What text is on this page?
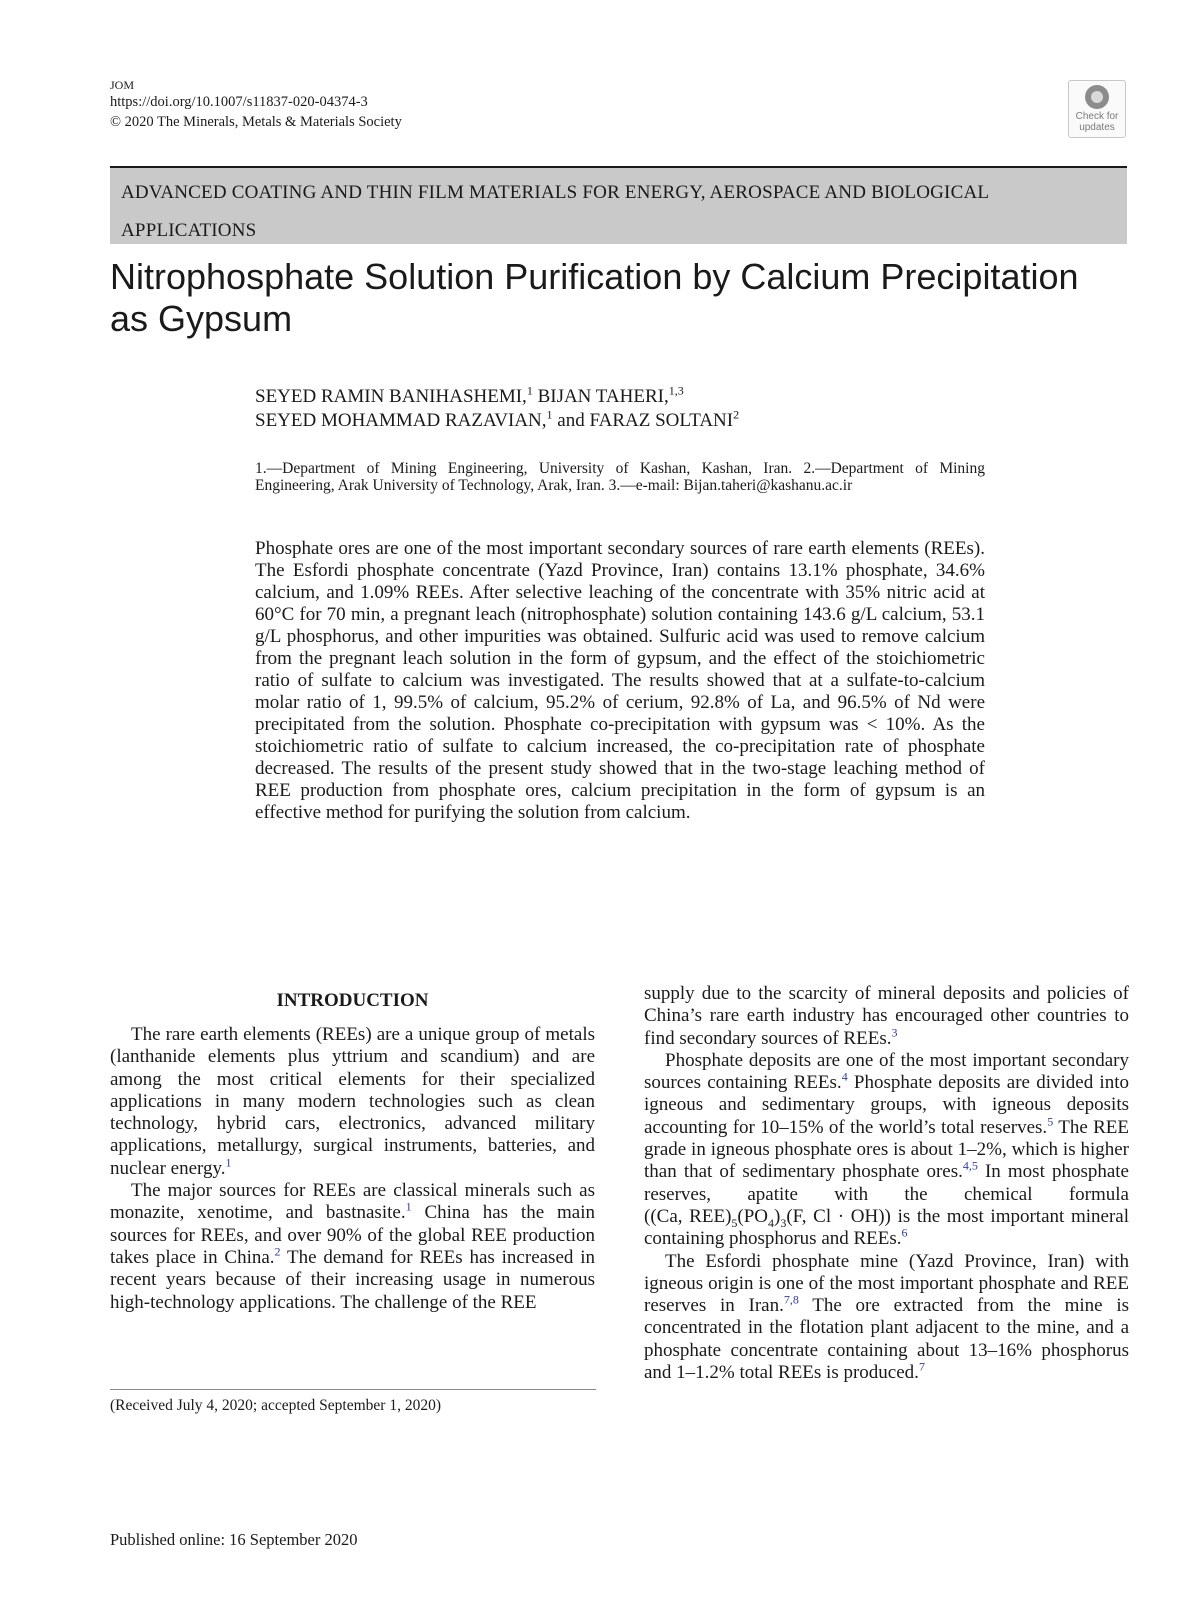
JOM
https://doi.org/10.1007/s11837-020-04374-3
© 2020 The Minerals, Metals & Materials Society	Check for
updates
ADVANCED COATING AND THIN FILM MATERIALS FOR ENERGY, AEROSPACE AND BIOLOGICAL APPLICATIONS
Nitrophosphate Solution Purification by Calcium Precipitation as Gypsum
SEYED RAMIN BANIHASHEMI,$^1$ BIJAN TAHERI,$^{1,3}$
SEYED MOHAMMAD RAZAVIAN,$^1$ and FARAZ SOLTANI$^2$
1.—Department of Mining Engineering, University of Kashan, Kashan, Iran. 2.—Department of Mining Engineering, Arak University of Technology, Arak, Iran. 3.—e-mail: Bijan.taheri@kashanu.ac.ir

Phosphate ores are one of the most important secondary sources of rare earth elements (REEs). The Esfordi phosphate concentrate (Yazd Province, Iran) contains 13.1% phosphate, 34.6% calcium, and 1.09% REEs. After selective leaching of the concentrate with 35% nitric acid at 60°C for 70 min, a pregnant leach (nitrophosphate) solution containing 143.6 g/L calcium, 53.1 g/L phosphorus, and other impurities was obtained. Sulfuric acid was used to remove calcium from the pregnant leach solution in the form of gypsum, and the effect of the stoichiometric ratio of sulfate to calcium was investigated. The results showed that at a sulfate-to-calcium molar ratio of 1, 99.5% of calcium, 95.2% of cerium, 92.8% of La, and 96.5% of Nd were precipitated from the solution. Phosphate co-precipitation with gypsum was < 10%. As the stoichiometric ratio of sulfate to calcium increased, the co-precipitation rate of phosphate decreased. The results of the present study showed that in the two-stage leaching method of REE production from phosphate ores, calcium precipitation in the form of gypsum is an effective method for purifying the solution from calcium.

INTRODUCTION

The rare earth elements (REEs) are a unique group of metals (lanthanide elements plus yttrium and scandium) and are among the most critical elements for their specialized applications in many modern technologies such as clean technology, hybrid cars, electronics, advanced military applications, metallurgy, surgical instruments, batteries, and nuclear energy.$^1$

The major sources for REEs are classical minerals such as monazite, xenotime, and bastnasite.$^1$ China has the main sources for REEs, and over 90% of the global REE production takes place in China.$^2$ The demand for REEs has increased in recent years because of their increasing usage in numerous high-technology applications. The challenge of the REE

(Received July 4, 2020; accepted September 1, 2020)

supply due to the scarcity of mineral deposits and policies of China’s rare earth industry has encouraged other countries to find secondary sources of REEs.$^3$

Phosphate deposits are one of the most important secondary sources containing REEs.$^4$ Phosphate deposits are divided into igneous and sedimentary groups, with igneous deposits accounting for 10–15% of the world’s total reserves.$^5$ The REE grade in igneous phosphate ores is about 1–2%, which is higher than that of sedimentary phosphate ores.$^{4,5}$ In most phosphate reserves, apatite with the chemical formula ((Ca, $REE)_5(PO_4)_3(F$, Cl · OH)) is the most important mineral containing phosphorus and REEs.$^6$

The Esfordi phosphate mine (Yazd Province, Iran) with igneous origin is one of the most important phosphate and REE reserves in Iran.$^{7,8}$ The ore extracted from the mine is concentrated in the flotation plant adjacent to the mine, and a phosphate concentrate containing about 13–16% phosphorus and 1–1.2% total REEs is produced.$^7$

Published online: 16 September 2020
